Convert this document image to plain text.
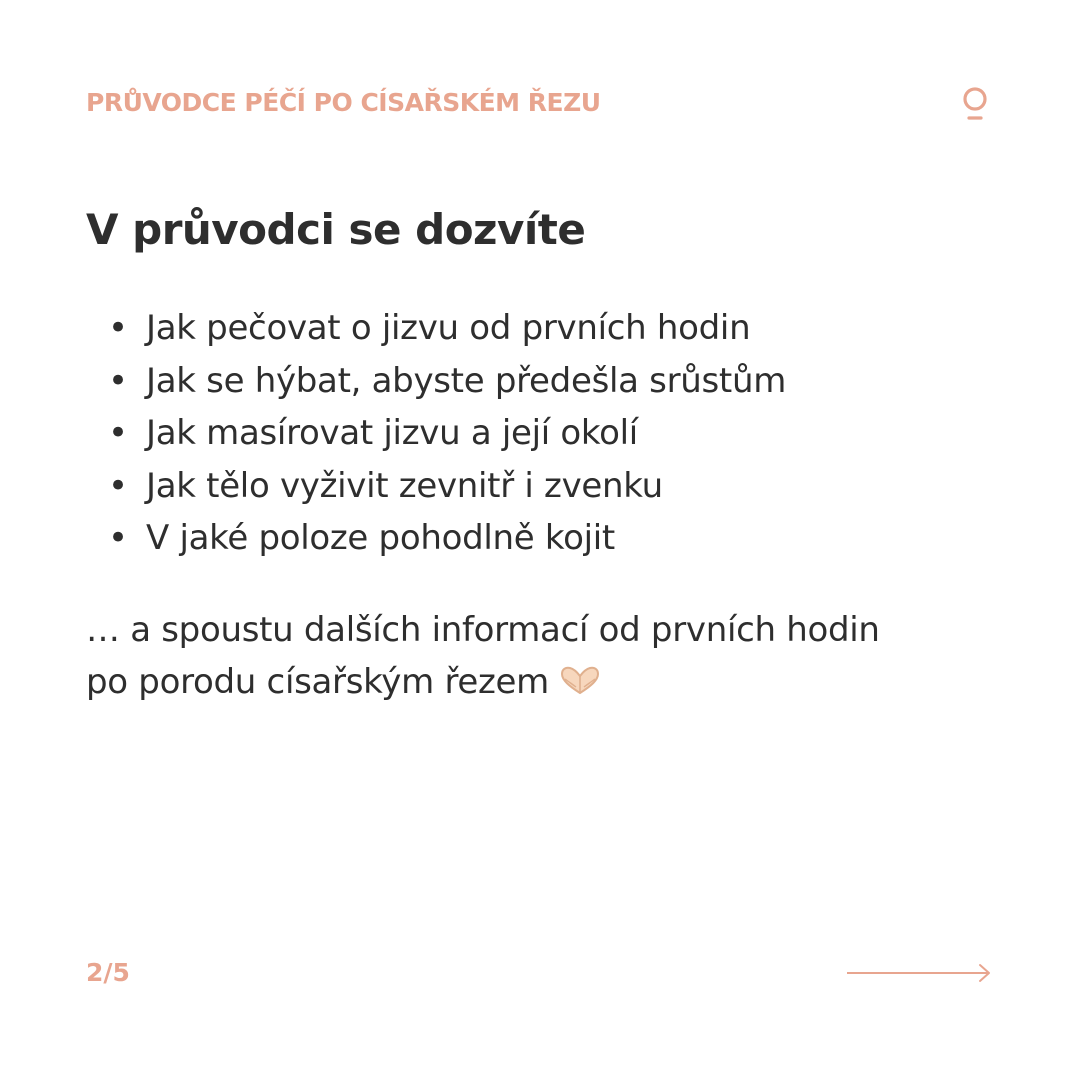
PRŮVODCE PÉČÍ PO CÍSAŘSKÉM ŘEZU
V průvodci se dozvíte
• Jak pečovat o jizvu od prvních hodin
• Jak se hýbat, abyste předešla srůstům
• Jak masírovat jizvu a její okolí
• Jak tělo vyživit zevnitř i zvenku
• V jaké poloze pohodlně kojit
… a spoustu dalších informací od prvních hodin
po porodu císařským řezem
2/5
